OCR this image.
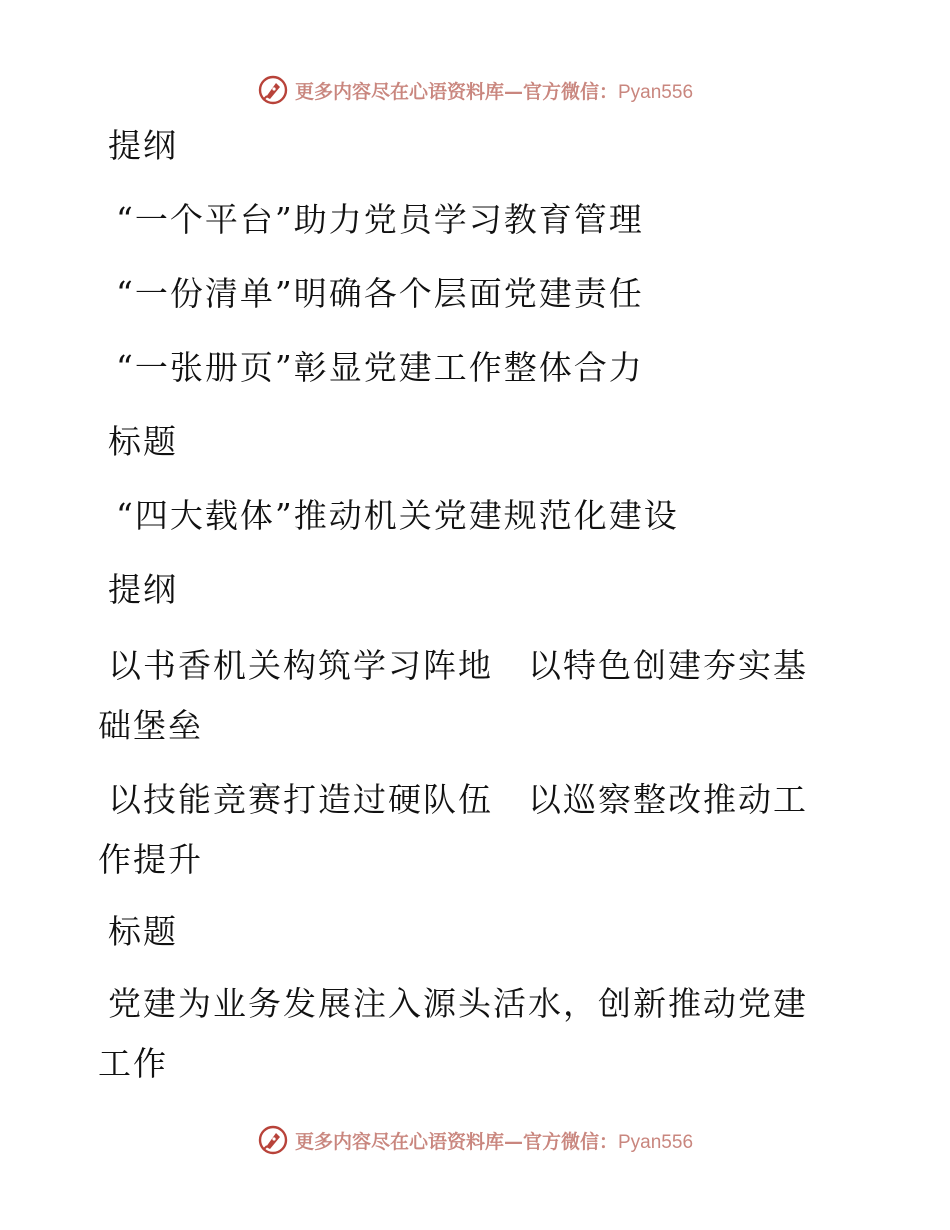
更多内容尽在心语资料库—官方微信：Pyan556

提纲

“一个平台”助力党员学习教育管理

“一份清单”明确各个层面党建责任

“一张册页”彰显党建工作整体合力

标题

“四大载体”推动机关党建规范化建设

提纲

以书香机关构筑学习阵地　以特色创建夯实基础堡垒

以技能竞赛打造过硬队伍　以巡察整改推动工作提升

标题

党建为业务发展注入源头活水，创新推动党建工作

更多内容尽在心语资料库—官方微信：Pyan556
